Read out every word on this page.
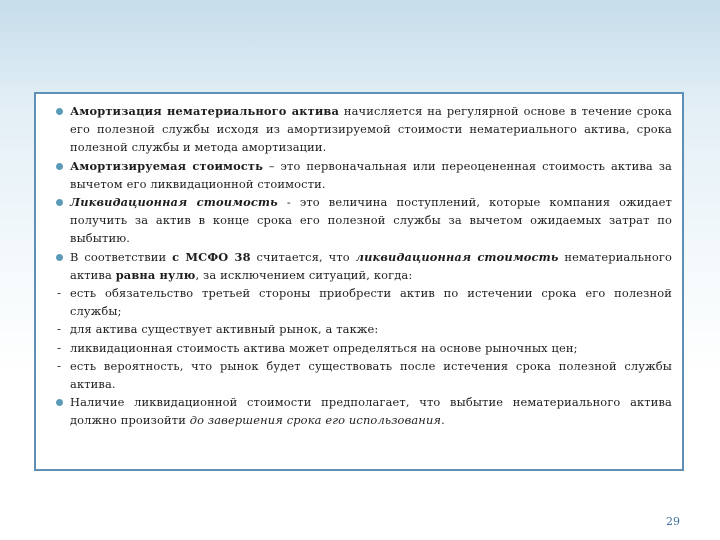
Амортизация нематериального актива начисляется на регулярной основе в течение срока его полезной службы исходя из амортизируемой стоимости нематериального актива, срока полезной службы и метода амортизации.
Амортизируемая стоимость – это первоначальная или переоцененная стоимость актива за вычетом его ликвидационной стоимости.
Ликвидационная стоимость - это величина поступлений, которые компания ожидает получить за актив в конце срока его полезной службы за вычетом ожидаемых затрат по выбытию.
В соответствии с МСФО 38 считается, что ликвидационная стоимость нематериального актива равна нулю, за исключением ситуаций, когда:
- есть обязательство третьей стороны приобрести актив по истечении срока его полезной службы;
- для актива существует активный рынок, а также:
- ликвидационная стоимость актива может определяться на основе рыночных цен;
- есть вероятность, что рынок будет существовать после истечения срока полезной службы актива.
Наличие ликвидационной стоимости предполагает, что выбытие нематериального актива должно произойти до завершения срока его использования.
29
